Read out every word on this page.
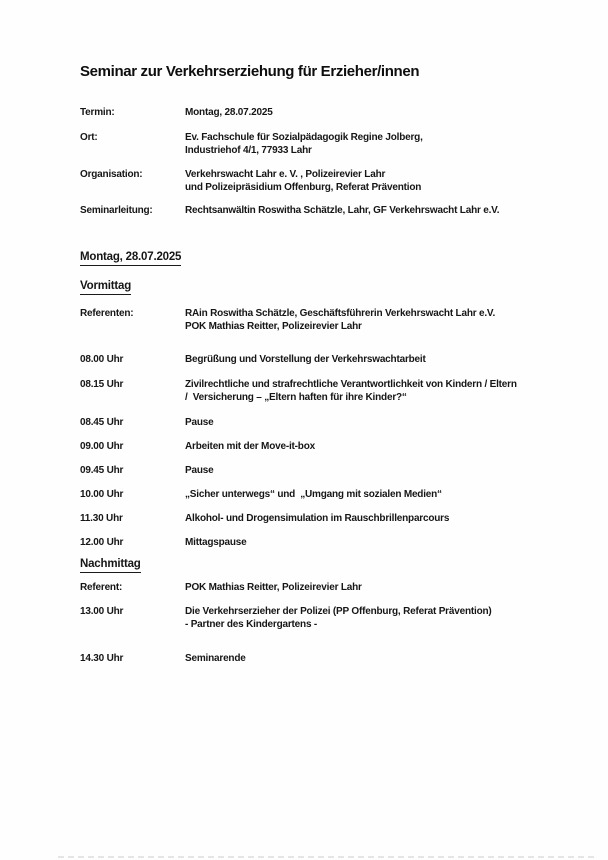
Seminar zur Verkehrserziehung für Erzieher/innen
Termin:	Montag, 28.07.2025
Ort:	Ev. Fachschule für Sozialpädagogik Regine Jolberg,
Industriehof 4/1, 77933 Lahr
Organisation:	Verkehrswacht Lahr e. V. , Polizeirevier Lahr
und Polizeipräsidium Offenburg, Referat Prävention
Seminarleitung:	Rechtsanwältin Roswitha Schätzle, Lahr, GF Verkehrswacht Lahr e.V.
Montag, 28.07.2025
Vormittag
Referenten:	RAin Roswitha Schätzle, Geschäftsführerin Verkehrswacht Lahr e.V.
POK Mathias Reitter, Polizeirevier Lahr
08.00 Uhr	Begrüßung und Vorstellung der Verkehrswachtarbeit
08.15 Uhr	Zivilrechtliche und strafrechtliche Verantwortlichkeit von Kindern / Eltern
/  Versicherung – „Eltern haften für ihre Kinder?“
08.45 Uhr	Pause
09.00 Uhr	Arbeiten mit der Move-it-box
09.45 Uhr	Pause
10.00 Uhr	„Sicher unterwegs“ und  „Umgang mit sozialen Medien“
11.30 Uhr	Alkohol- und Drogensimulation im Rauschbrillenparcours
12.00 Uhr	Mittagspause
Nachmittag
Referent:	POK Mathias Reitter, Polizeirevier Lahr
13.00 Uhr	Die Verkehrserzieher der Polizei (PP Offenburg, Referat Prävention)
- Partner des Kindergartens -
14.30 Uhr	Seminarende
